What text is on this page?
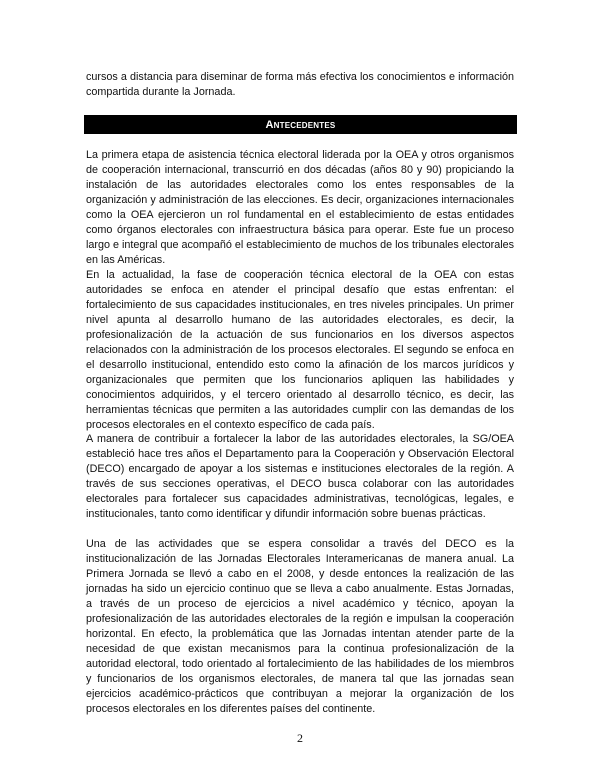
cursos a distancia para diseminar de forma más efectiva los conocimientos e información compartida durante la Jornada.

Antecedentes

La primera etapa de asistencia técnica electoral liderada por la OEA y otros organismos de cooperación internacional, transcurrió en dos décadas (años 80 y 90) propiciando la instalación de las autoridades electorales como los entes responsables de la organización y administración de las elecciones. Es decir, organizaciones internacionales como la OEA ejercieron un rol fundamental en el establecimiento de estas entidades como órganos electorales con infraestructura básica para operar. Este fue un proceso largo e integral que acompañó el establecimiento de muchos de los tribunales electorales en las Américas.

En la actualidad, la fase de cooperación técnica electoral de la OEA con estas autoridades se enfoca en atender el principal desafío que estas enfrentan: el fortalecimiento de sus capacidades institucionales, en tres niveles principales. Un primer nivel apunta al desarrollo humano de las autoridades electorales, es decir, la profesionalización de la actuación de sus funcionarios en los diversos aspectos relacionados con la administración de los procesos electorales. El segundo se enfoca en el desarrollo institucional, entendido esto como la afinación de los marcos jurídicos y organizacionales que permiten que los funcionarios apliquen las habilidades y conocimientos adquiridos, y el tercero orientado al desarrollo técnico, es decir, las herramientas técnicas que permiten a las autoridades cumplir con las demandas de los procesos electorales en el contexto específico de cada país.

A manera de contribuir a fortalecer la labor de las autoridades electorales, la SG/OEA estableció hace tres años el Departamento para la Cooperación y Observación Electoral (DECO) encargado de apoyar a los sistemas e instituciones electorales de la región. A través de sus secciones operativas, el DECO busca colaborar con las autoridades electorales para fortalecer sus capacidades administrativas, tecnológicas, legales, e institucionales, tanto como identificar y difundir información sobre buenas prácticas.

Una de las actividades que se espera consolidar a través del DECO es la institucionalización de las Jornadas Electorales Interamericanas de manera anual. La Primera Jornada se llevó a cabo en el 2008, y desde entonces la realización de las jornadas ha sido un ejercicio continuo que se lleva a cabo anualmente. Estas Jornadas, a través de un proceso de ejercicios a nivel académico y técnico, apoyan la profesionalización de las autoridades electorales de la región e impulsan la cooperación horizontal. En efecto, la problemática que las Jornadas intentan atender parte de la necesidad de que existan mecanismos para la continua profesionalización de la autoridad electoral, todo orientado al fortalecimiento de las habilidades de los miembros y funcionarios de los organismos electorales, de manera tal que las jornadas sean ejercicios académico-prácticos que contribuyan a mejorar la organización de los procesos electorales en los diferentes países del continente.

2
